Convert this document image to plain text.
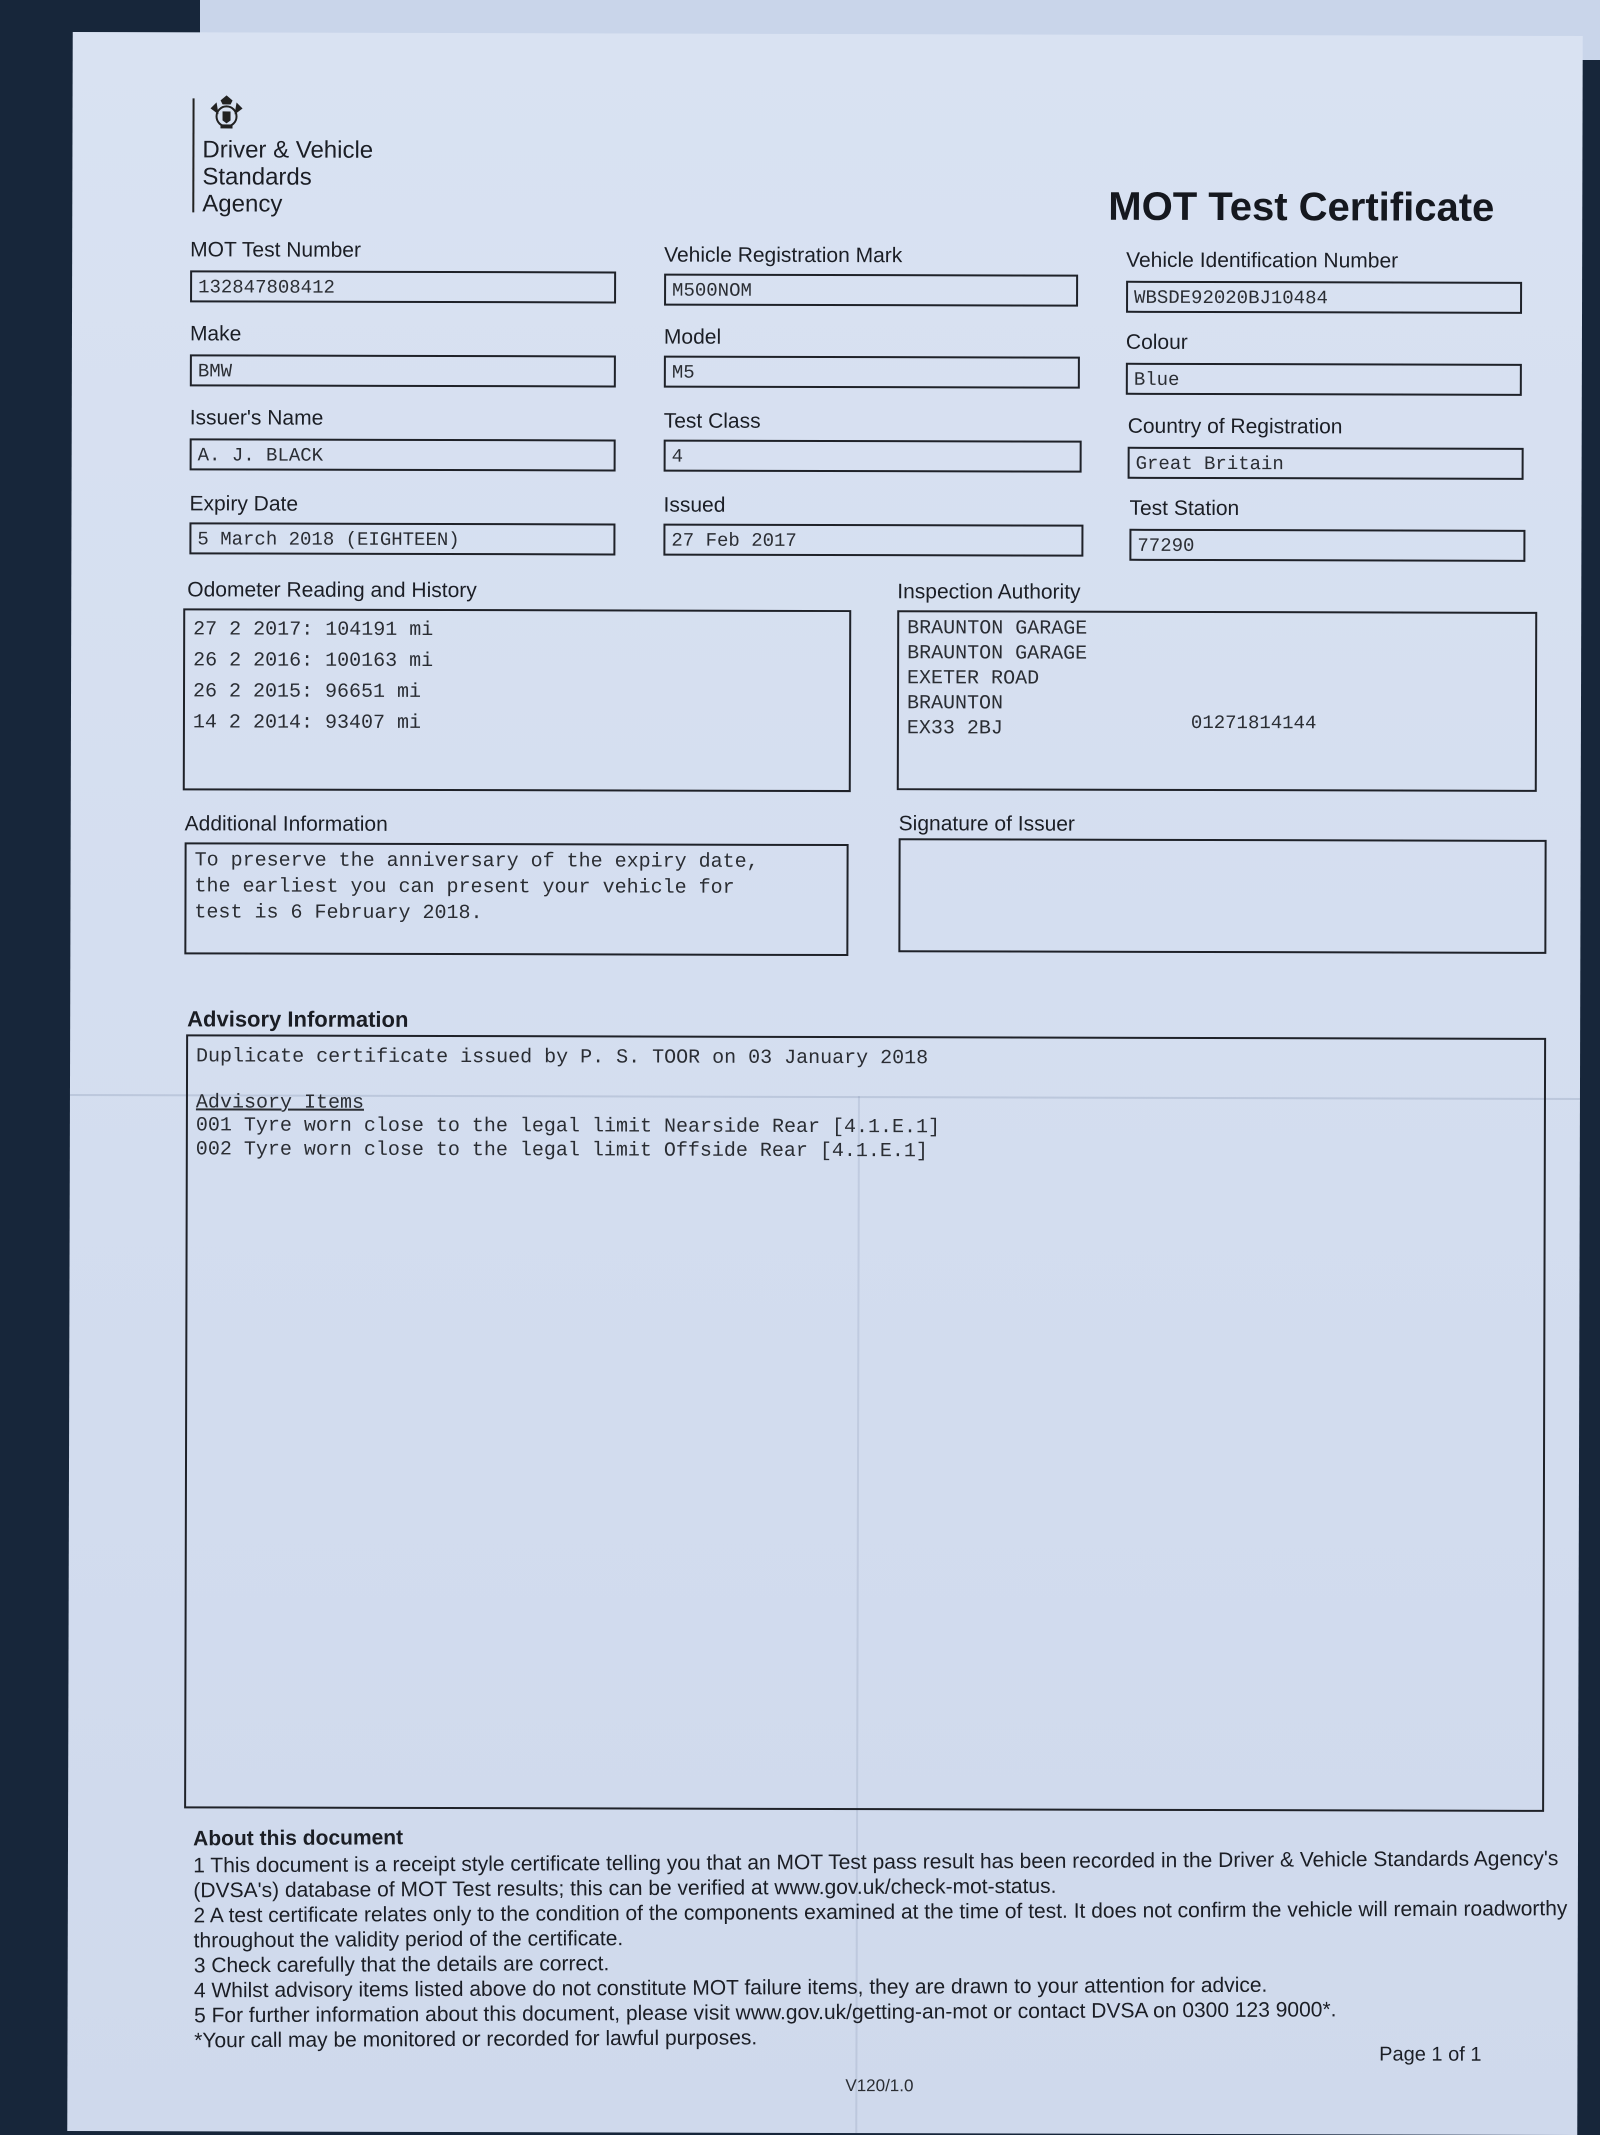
Driver & Vehicle
Standards
Agency	MOT Test Certificate
MOT Test Number
132847808412
Vehicle Registration Mark
M500NOM
Vehicle Identification Number
WBSDE92020BJ10484
Make
BMW
Model
M5
Colour
Blue
Issuer's Name
A. J. BLACK
Test Class
4
Country of Registration
Great Britain
Expiry Date
5 March 2018 (EIGHTEEN)
Issued
27 Feb 2017
Test Station
77290
Odometer Reading and History
27 2 2017: 104191 mi
26 2 2016: 100163 mi
26 2 2015: 96651 mi
14 2 2014: 93407 mi
Inspection Authority
BRAUNTON GARAGE
BRAUNTON GARAGE
EXETER ROAD
BRAUNTON
EX33 2BJ	01271814144
Additional Information
To preserve the anniversary of the expiry date,
the earliest you can present your vehicle for
test is 6 February 2018.
Signature of Issuer
Advisory Information
Duplicate certificate issued by P. S. TOOR on 03 January 2018
Advisory Items
001 Tyre worn close to the legal limit Nearside Rear [4.1.E.1]
002 Tyre worn close to the legal limit Offside Rear [4.1.E.1]
About this document
1 This document is a receipt style certificate telling you that an MOT Test pass result has been recorded in the Driver & Vehicle Standards Agency's (DVSA's) database of MOT Test results; this can be verified at www.gov.uk/check-mot-status.
2 A test certificate relates only to the condition of the components examined at the time of test. It does not confirm the vehicle will remain roadworthy throughout the validity period of the certificate.
3 Check carefully that the details are correct.
4 Whilst advisory items listed above do not constitute MOT failure items, they are drawn to your attention for advice.
5 For further information about this document, please visit www.gov.uk/getting-an-mot or contact DVSA on 0300 123 9000*.
*Your call may be monitored or recorded for lawful purposes.
Page 1 of 1
V120/1.0
